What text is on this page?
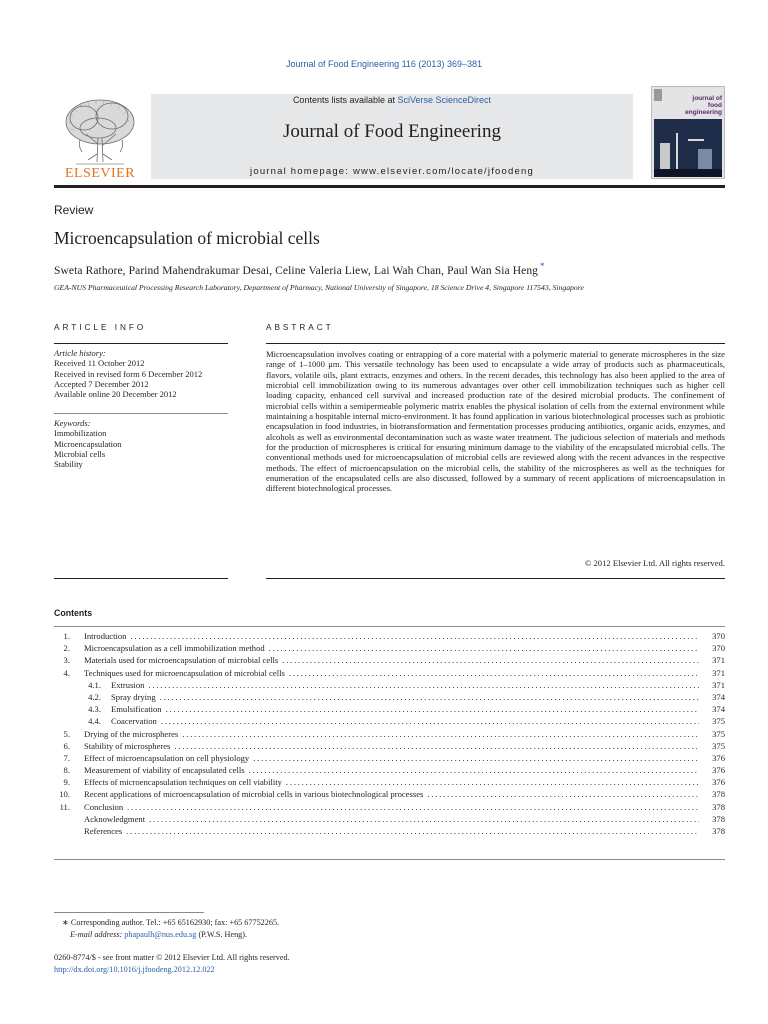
Journal of Food Engineering 116 (2013) 369–381
ELSEVIER
Contents lists available at SciVerse ScienceDirect
Journal of Food Engineering
journal homepage: www.elsevier.com/locate/jfoodeng
journal of
food engineering
Review
Microencapsulation of microbial cells
Sweta Rathore, Parind Mahendrakumar Desai, Celine Valeria Liew, Lai Wah Chan, Paul Wan Sia Heng *
GEA-NUS Pharmaceutical Processing Research Laboratory, Department of Pharmacy, National University of Singapore, 18 Science Drive 4, Singapore 117543, Singapore
ARTICLE INFO
Article history:
Received 11 October 2012
Received in revised form 6 December 2012
Accepted 7 December 2012
Available online 20 December 2012
Keywords:
Immobilization
Microencapsulation
Microbial cells
Stability
ABSTRACT
Microencapsulation involves coating or entrapping of a core material with a polymeric material to generate microspheres in the size range of 1–1000 μm. This versatile technology has been used to encapsulate a wide array of products such as pharmaceuticals, flavors, volatile oils, plant extracts, enzymes and others. In the recent decades, this technology has also been applied to the area of microbial cell immobilization owing to its numerous advantages over other cell immobilization techniques such as higher cell loading capacity, enhanced cell survival and increased production rate of the desired microbial products. The confinement of microbial cells within a semipermeable polymeric matrix enables the physical isolation of cells from the external environment while maintaining a hospitable internal micro-environment. It has found application in various biotechnological processes such as probiotic encapsulation in food industries, in biotransformation and fermentation processes producing antibiotics, organic acids, enzymes, and alcohols as well as environmental decontamination such as waste water treatment. The judicious selection of materials and methods for the production of microspheres is critical for ensuring minimum damage to the viability of the encapsulated microbial cells. The conventional methods used for microencapsulation of microbial cells are reviewed along with the recent advances in the respective methods. The effect of microencapsulation on the microbial cells, the stability of the microspheres as well as the techniques for enumeration of the encapsulated cells are also discussed, followed by a summary of recent applications of microencapsulation in different biotechnological processes.
© 2012 Elsevier Ltd. All rights reserved.
Contents
1.	Introduction .....	370
2.	Microencapsulation as a cell immobilization method .....	370
3.	Materials used for microencapsulation of microbial cells .....	371
4.	Techniques used for microencapsulation of microbial cells .....	371
4.1.	Extrusion .....	371
4.2.	Spray drying .....	374
4.3.	Emulsification .....	374
4.4.	Coacervation .....	375
5.	Drying of the microspheres .....	375
6.	Stability of microspheres .....	375
7.	Effect of microencapsulation on cell physiology .....	376
8.	Measurement of viability of encapsulated cells .....	376
9.	Effects of microencapsulation techniques on cell viability .....	376
10.	Recent applications of microencapsulation of microbial cells in various biotechnological processes .....	378
11.	Conclusion .....	378
Acknowledgment .....	378
References .....	378
∗ Corresponding author. Tel.: +65 65162930; fax: +65 67752265.
E-mail address: phapaulh@nus.edu.sg (P.W.S. Heng).
0260-8774/$ - see front matter © 2012 Elsevier Ltd. All rights reserved.
http://dx.doi.org/10.1016/j.jfoodeng.2012.12.022
